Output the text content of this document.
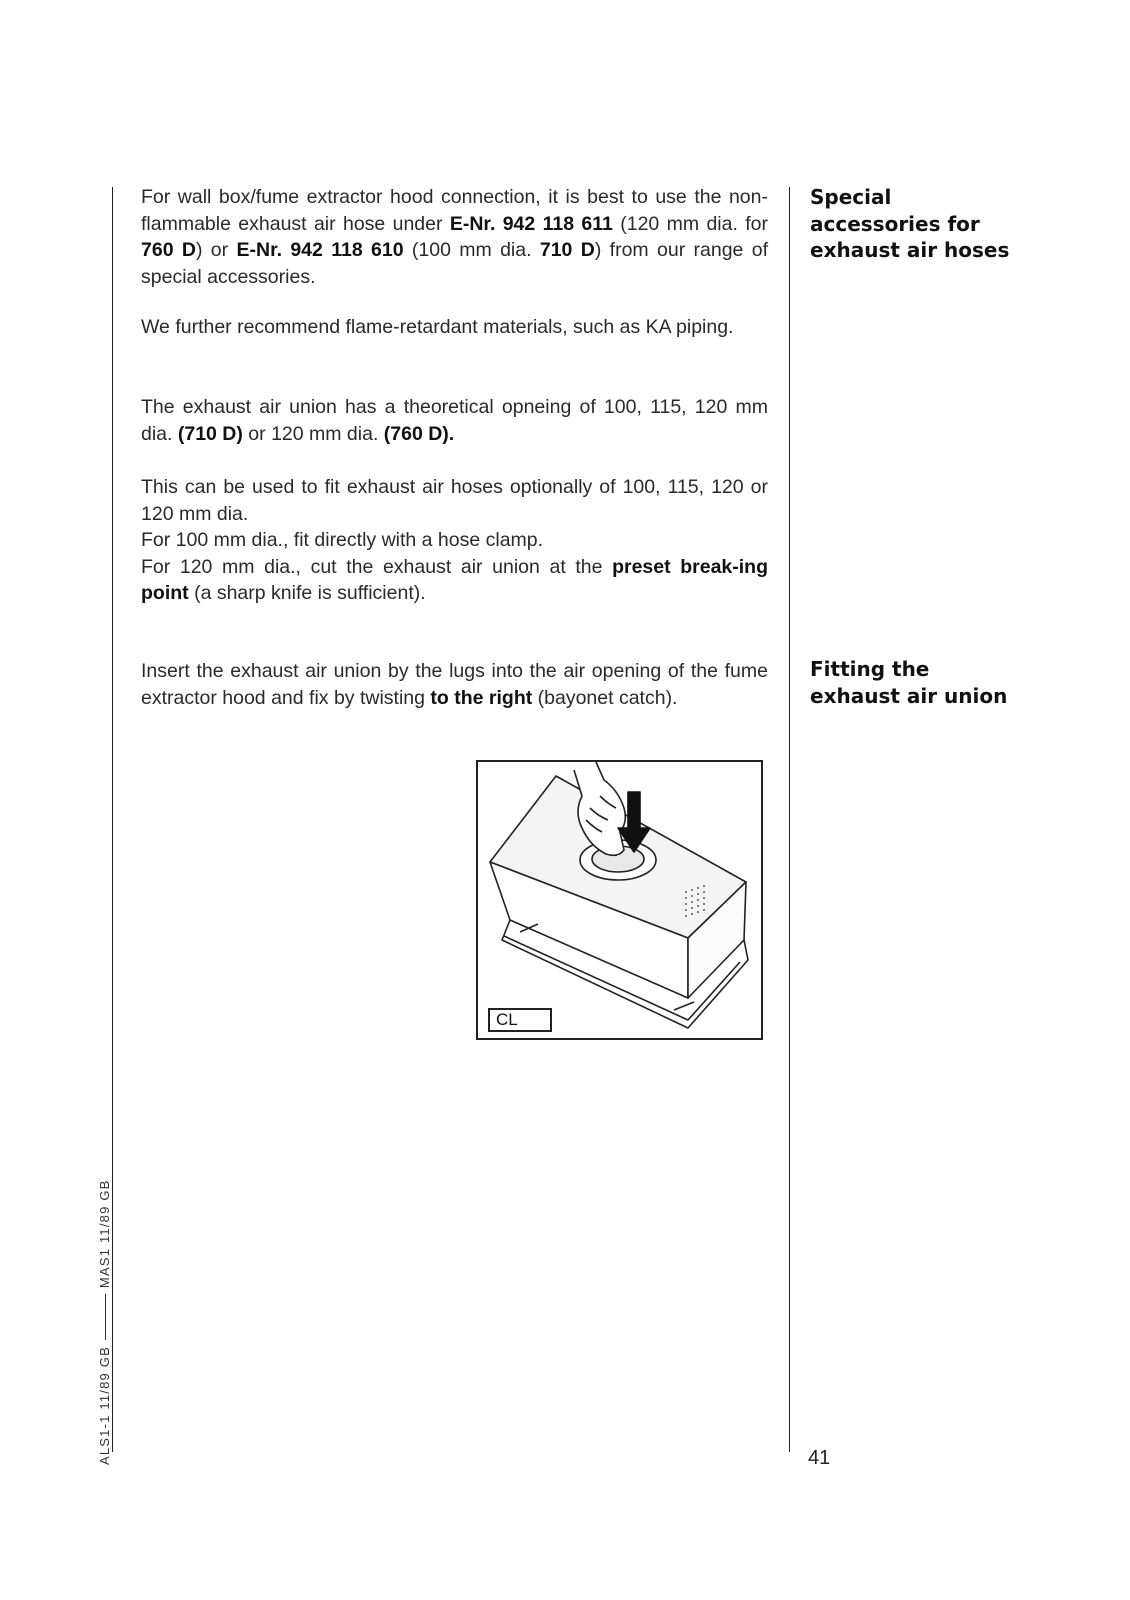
For wall box/fume extractor hood connection, it is best to use the non-flammable exhaust air hose under E-Nr. 942 118 611 (120 mm dia. for 760 D) or E-Nr. 942 118 610 (100 mm dia. 710 D) from our range of special accessories.

We further recommend flame-retardant materials, such as KA piping.

The exhaust air union has a theoretical opneing of 100, 115, 120 mm dia. (710 D) or 120 mm dia. (760 D).

This can be used to fit exhaust air hoses optionally of 100, 115, 120 or 120 mm dia.

For 100 mm dia., fit directly with a hose clamp.

For 120 mm dia., cut the exhaust air union at the preset break-ing point (a sharp knife is sufficient).

Insert the exhaust air union by the lugs into the air opening of the fume extractor hood and fix by twisting to the right (bayonet catch).

Special accessories for exhaust air hoses
Fitting the exhaust air union
CL
ALS1-1 11/89 GBMAS1 11/89 GB
41
